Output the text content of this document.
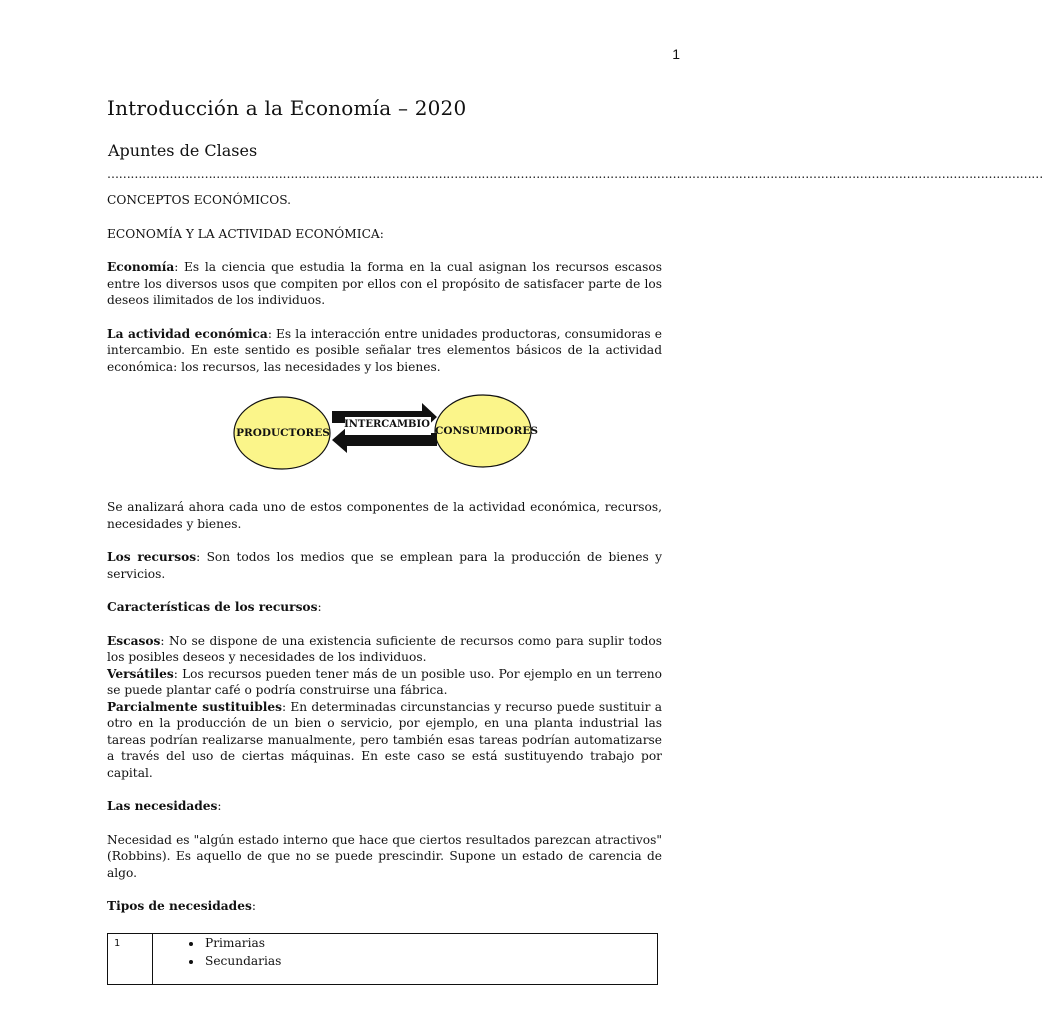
1
Introducción a la Economía – 2020
Apuntes de Clases
……………………………………………………………………………………………………………………………………………………………………………………………………………………

CONCEPTOS ECONÓMICOS.

ECONOMÍA Y LA ACTIVIDAD ECONÓMICA:

Economía: Es la ciencia que estudia la forma en la cual asignan los recursos escasos entre los diversos usos que compiten por ellos con el propósito de satisfacer parte de los deseos ilimitados de los individuos.

La actividad económica: Es la interacción entre unidades productoras, consumidoras e intercambio. En este sentido es posible señalar tres elementos básicos de la actividad económica: los recursos, las necesidades y los bienes.

PRODUCTORES
INTERCAMBIO
CONSUMIDORES

Se analizará ahora cada uno de estos componentes de la actividad económica, recursos, necesidades y bienes.

Los recursos: Son todos los medios que se emplean para la producción de bienes y servicios.

Características de los recursos:

Escasos: No se dispone de una existencia suficiente de recursos como para suplir todos los posibles deseos y necesidades de los individuos.

Versátiles: Los recursos pueden tener más de un posible uso. Por ejemplo en un terreno se puede plantar café o podría construirse una fábrica.

Parcialmente sustituibles: En determinadas circunstancias y recurso puede sustituir a otro en la producción de un bien o servicio, por ejemplo, en una planta industrial las tareas podrían realizarse manualmente, pero también esas tareas podrían automatizarse a través del uso de ciertas máquinas. En este caso se está sustituyendo trabajo por capital.

Las necesidades:

Necesidad es "algún estado interno que hace que ciertos resultados parezcan atractivos" (Robbins). Es aquello de que no se puede prescindir. Supone un estado de carencia de algo.

Tipos de necesidades:

1
•	Primarias
• Secundarias
